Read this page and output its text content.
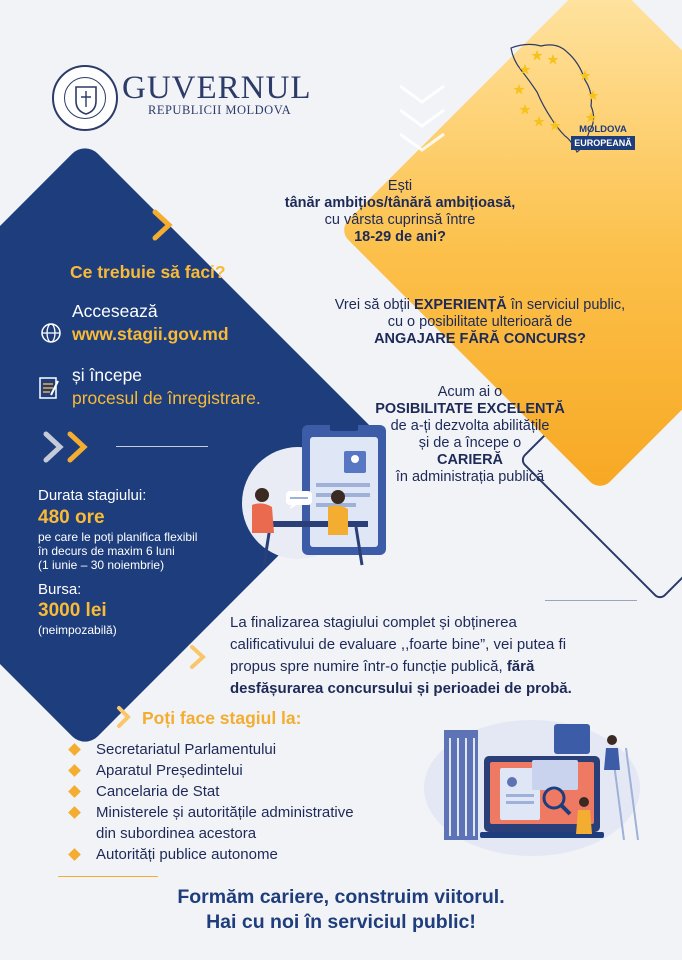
GUVERNUL
REPUBLICII MOLDOVA
MOLDOVA
EUROPEANĂ
Ești
tânăr ambițios/tânără ambițioasă,
cu vârsta cuprinsă între
18-29 de ani?
Vrei să obții EXPERIENȚĂ în serviciul public,
cu o posibilitate ulterioară de
ANGAJARE FĂRĂ CONCURS?
Acum ai o
POSIBILITATE EXCELENTĂ
de a-ți dezvolta abilitățile
și de a începe o
CARIERĂ
în administrația publică
Ce trebuie să faci?
Accesează
www.stagii.gov.md
și începe
procesul de înregistrare.
Durata stagiului:
480 ore
pe care le poți planifica flexibil
în decurs de maxim 6 luni
(1 iunie – 30 noiembrie)
Bursa:
3000 lei
(neimpozabilă)	La finalizarea stagiului complet și obținerea
calificativului de evaluare ,,foarte bine”, vei putea fi
propus spre numire într-o funcție publică, fără
desfășurarea concursului și perioadei de probă.
Poți face stagiul la:
Secretariatul Parlamentului
Aparatul Președintelui
Cancelaria de Stat
Ministerele și autoritățile administrative
din subordinea acestora
Autorități publice autonome
Formăm cariere, construim viitorul.
Hai cu noi în serviciul public!
